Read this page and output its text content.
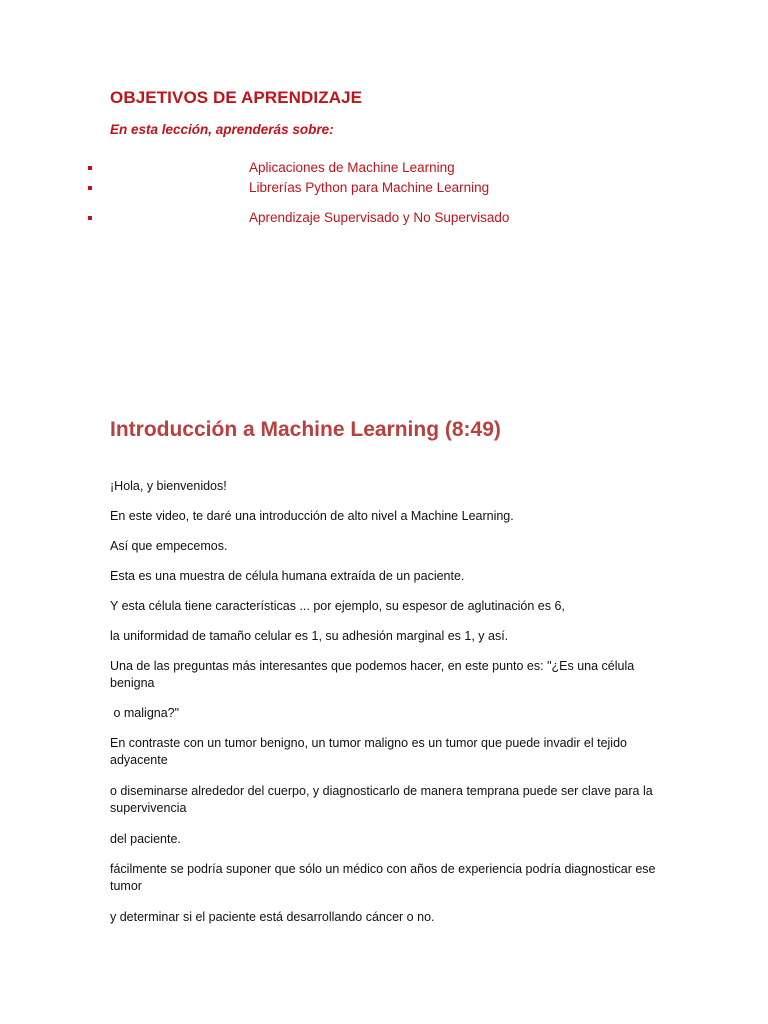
OBJETIVOS DE APRENDIZAJE
En esta lección, aprenderás sobre:
Aplicaciones de Machine Learning
Librerías Python para Machine Learning
Aprendizaje Supervisado y No Supervisado
Introducción a Machine Learning (8:49)
¡Hola, y bienvenidos!
En este video, te daré una introducción de alto nivel a Machine Learning.
Así que empecemos.
Esta es una muestra de célula humana extraída de un paciente.
Y esta célula tiene características ... por ejemplo, su espesor de aglutinación es 6,
la uniformidad de tamaño celular es 1, su adhesión marginal es 1, y así.
Una de las preguntas más interesantes que podemos hacer, en este punto es: "¿Es una célula benigna
o maligna?"
En contraste con un tumor benigno, un tumor maligno es un tumor que puede invadir el tejido adyacente
o diseminarse alrededor del cuerpo, y diagnosticarlo de manera temprana puede ser clave para la supervivencia
del paciente.
fácilmente se podría suponer que sólo un médico con años de experiencia podría diagnosticar ese tumor
y determinar si el paciente está desarrollando cáncer o no.
